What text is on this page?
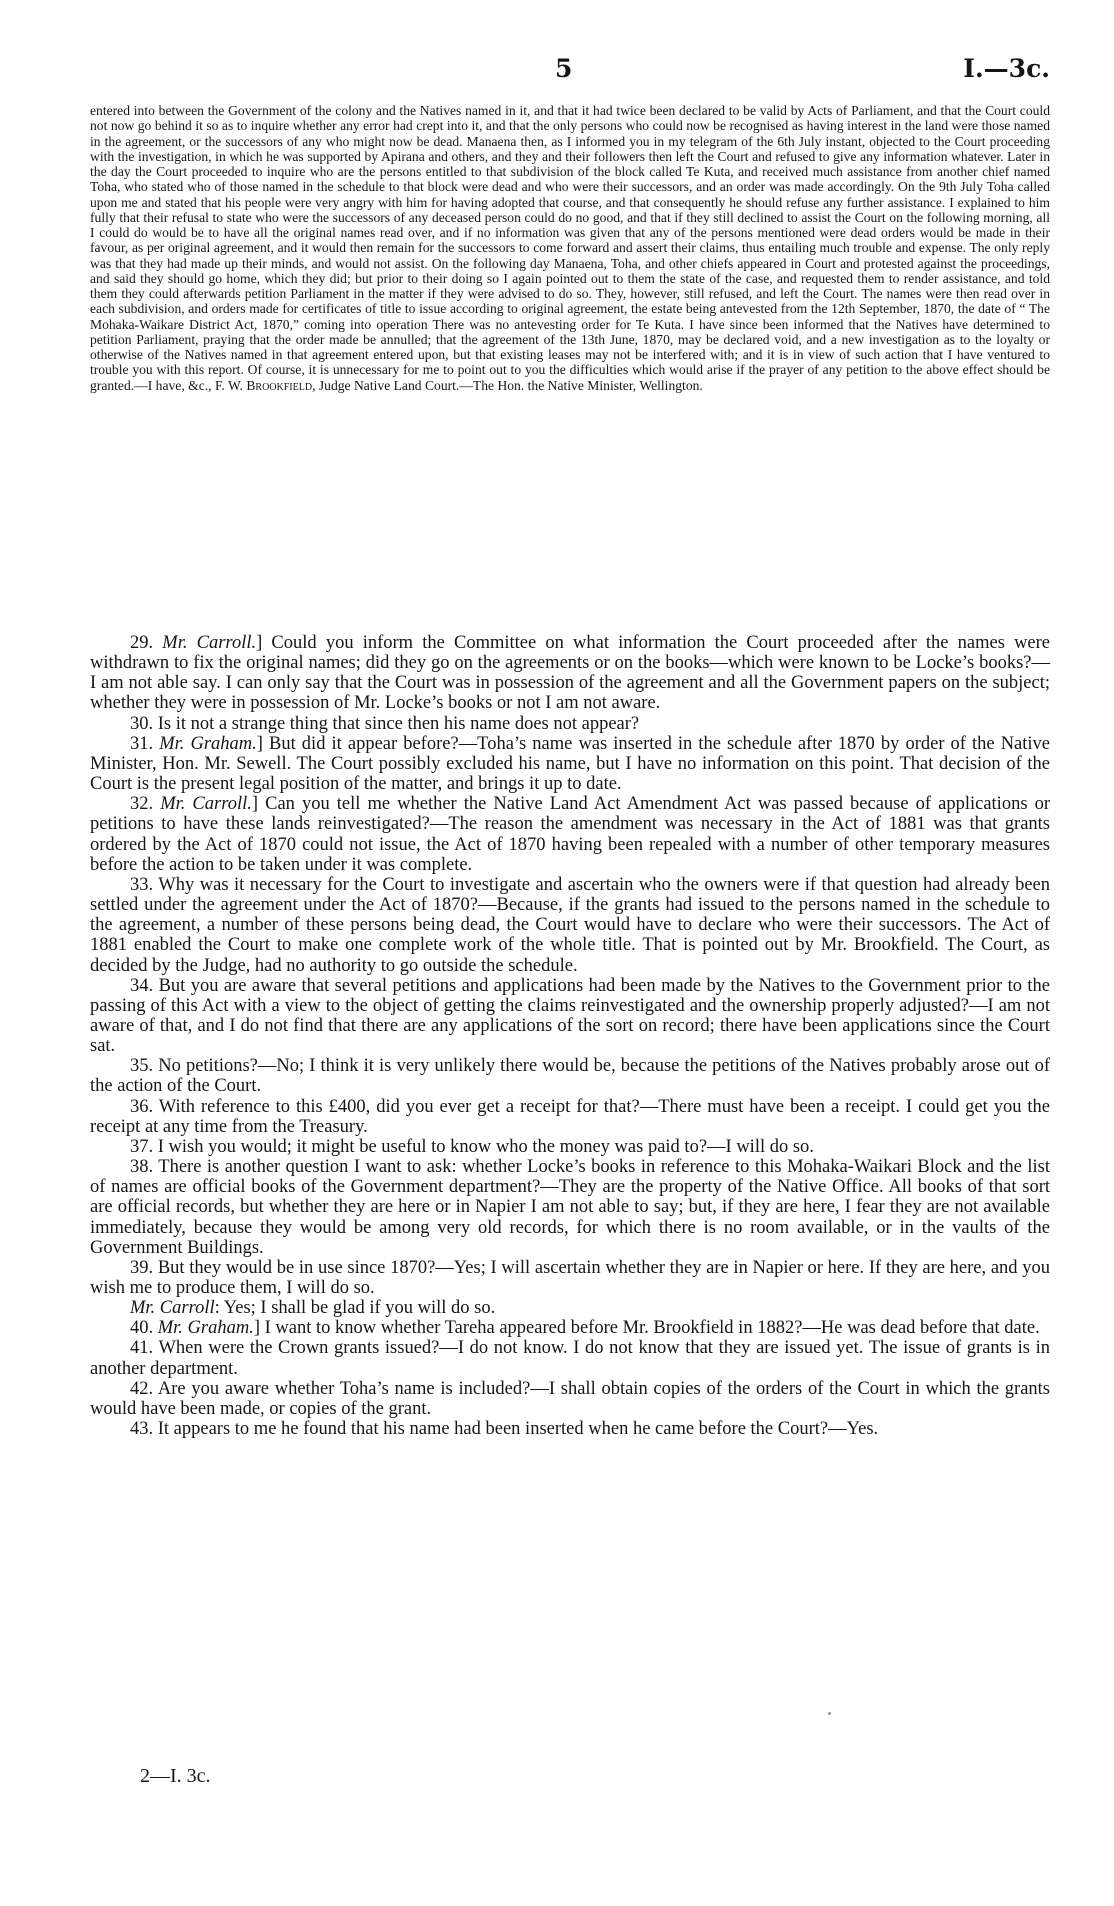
5	I.—3c.
entered into between the Government of the colony and the Natives named in it, and that it had twice been declared to be valid by Acts of Parliament, and that the Court could not now go behind it so as to inquire whether any error had crept into it, and that the only persons who could now be recognised as having interest in the land were those named in the agreement, or the successors of any who might now be dead. Manaena then, as I informed you in my telegram of the 6th July instant, objected to the Court proceeding with the investigation, in which he was supported by Apirana and others, and they and their followers then left the Court and refused to give any information whatever. Later in the day the Court proceeded to inquire who are the persons entitled to that subdivision of the block called Te Kuta, and received much assistance from another chief named Toha, who stated who of those named in the schedule to that block were dead and who were their successors, and an order was made accordingly. On the 9th July Toha called upon me and stated that his people were very angry with him for having adopted that course, and that consequently he should refuse any further assistance. I explained to him fully that their refusal to state who were the successors of any deceased person could do no good, and that if they still declined to assist the Court on the following morning, all I could do would be to have all the original names read over, and if no information was given that any of the persons mentioned were dead orders would be made in their favour, as per original agreement, and it would then remain for the successors to come forward and assert their claims, thus entailing much trouble and expense. The only reply was that they had made up their minds, and would not assist. On the following day Manaena, Toha, and other chiefs appeared in Court and protested against the proceedings, and said they should go home, which they did; but prior to their doing so I again pointed out to them the state of the case, and requested them to render assistance, and told them they could afterwards petition Parliament in the matter if they were advised to do so. They, however, still refused, and left the Court. The names were then read over in each subdivision, and orders made for certificates of title to issue according to original agreement, the estate being antevested from the 12th September, 1870, the date of “ The Mohaka-Waikare District Act, 1870,” coming into operation There was no antevesting order for Te Kuta. I have since been informed that the Natives have determined to petition Parliament, praying that the order made be annulled; that the agreement of the 13th June, 1870, may be declared void, and a new investigation as to the loyalty or otherwise of the Natives named in that agreement entered upon, but that existing leases may not be interfered with; and it is in view of such action that I have ventured to trouble you with this report. Of course, it is unnecessary for me to point out to you the difficulties which would arise if the prayer of any petition to the above effect should be granted.—I have, &c., F. W. Brookfield, Judge Native Land Court.—The Hon. the Native Minister, Wellington.

29. Mr. Carroll.] Could you inform the Committee on what information the Court proceeded after the names were withdrawn to fix the original names; did they go on the agreements or on the books—which were known to be Locke’s books?—I am not able say. I can only say that the Court was in possession of the agreement and all the Government papers on the subject; whether they were in possession of Mr. Locke’s books or not I am not aware.

30. Is it not a strange thing that since then his name does not appear?

31. Mr. Graham.] But did it appear before?—Toha’s name was inserted in the schedule after 1870 by order of the Native Minister, Hon. Mr. Sewell. The Court possibly excluded his name, but I have no information on this point. That decision of the Court is the present legal position of the matter, and brings it up to date.

32. Mr. Carroll.] Can you tell me whether the Native Land Act Amendment Act was passed because of applications or petitions to have these lands reinvestigated?—The reason the amendment was necessary in the Act of 1881 was that grants ordered by the Act of 1870 could not issue, the Act of 1870 having been repealed with a number of other temporary measures before the action to be taken under it was complete.

33. Why was it necessary for the Court to investigate and ascertain who the owners were if that question had already been settled under the agreement under the Act of 1870?—Because, if the grants had issued to the persons named in the schedule to the agreement, a number of these persons being dead, the Court would have to declare who were their successors. The Act of 1881 enabled the Court to make one complete work of the whole title. That is pointed out by Mr. Brookfield. The Court, as decided by the Judge, had no authority to go outside the schedule.

34. But you are aware that several petitions and applications had been made by the Natives to the Government prior to the passing of this Act with a view to the object of getting the claims reinvestigated and the ownership properly adjusted?—I am not aware of that, and I do not find that there are any applications of the sort on record; there have been applications since the Court sat.

35. No petitions?—No; I think it is very unlikely there would be, because the petitions of the Natives probably arose out of the action of the Court.

36. With reference to this £400, did you ever get a receipt for that?—There must have been a receipt. I could get you the receipt at any time from the Treasury.

37. I wish you would; it might be useful to know who the money was paid to?—I will do so.

38. There is another question I want to ask: whether Locke’s books in reference to this Mohaka-Waikari Block and the list of names are official books of the Government department?—They are the property of the Native Office. All books of that sort are official records, but whether they are here or in Napier I am not able to say; but, if they are here, I fear they are not available immediately, because they would be among very old records, for which there is no room available, or in the vaults of the Government Buildings.

39. But they would be in use since 1870?—Yes; I will ascertain whether they are in Napier or here. If they are here, and you wish me to produce them, I will do so.

Mr. Carroll: Yes; I shall be glad if you will do so.

40. Mr. Graham.] I want to know whether Tareha appeared before Mr. Brookfield in 1882?—He was dead before that date.

41. When were the Crown grants issued?—I do not know. I do not know that they are issued yet. The issue of grants is in another department.

42. Are you aware whether Toha’s name is included?—I shall obtain copies of the orders of the Court in which the grants would have been made, or copies of the grant.

43. It appears to me he found that his name had been inserted when he came before the Court?—Yes.

2—I. 3c.
